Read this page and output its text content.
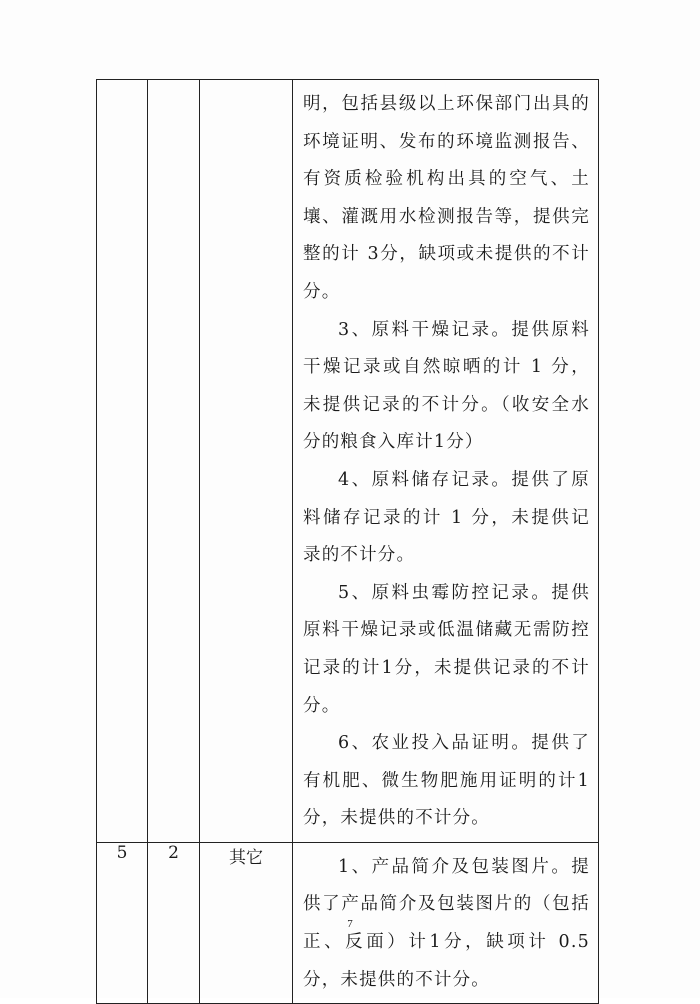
			明，包括县级以上环保部门出具的环境证明、发布的环境监测报告、有资质检验机构出具的空气、土壤、灌溉用水检测报告等，提供完整的计 3分，缺项或未提供的不计分。

3、原料干燥记录。提供原料干燥记录或自然晾晒的计 1 分，未提供记录的不计分。（收安全水分的粮食入库计1分）

4、原料储存记录。提供了原料储存记录的计 1 分，未提供记录的不计分。

5、原料虫霉防控记录。提供原料干燥记录或低温储藏无需防控记录的计1分，未提供记录的不计分。

6、农业投入品证明。提供了有机肥、微生物肥施用证明的计1分，未提供的不计分。

5	2	其它	1、产品简介及包装图片。提供了产品简介及包装图片的（包括正、反面）计1分，缺项计 0.5分，未提供的不计分。

7
